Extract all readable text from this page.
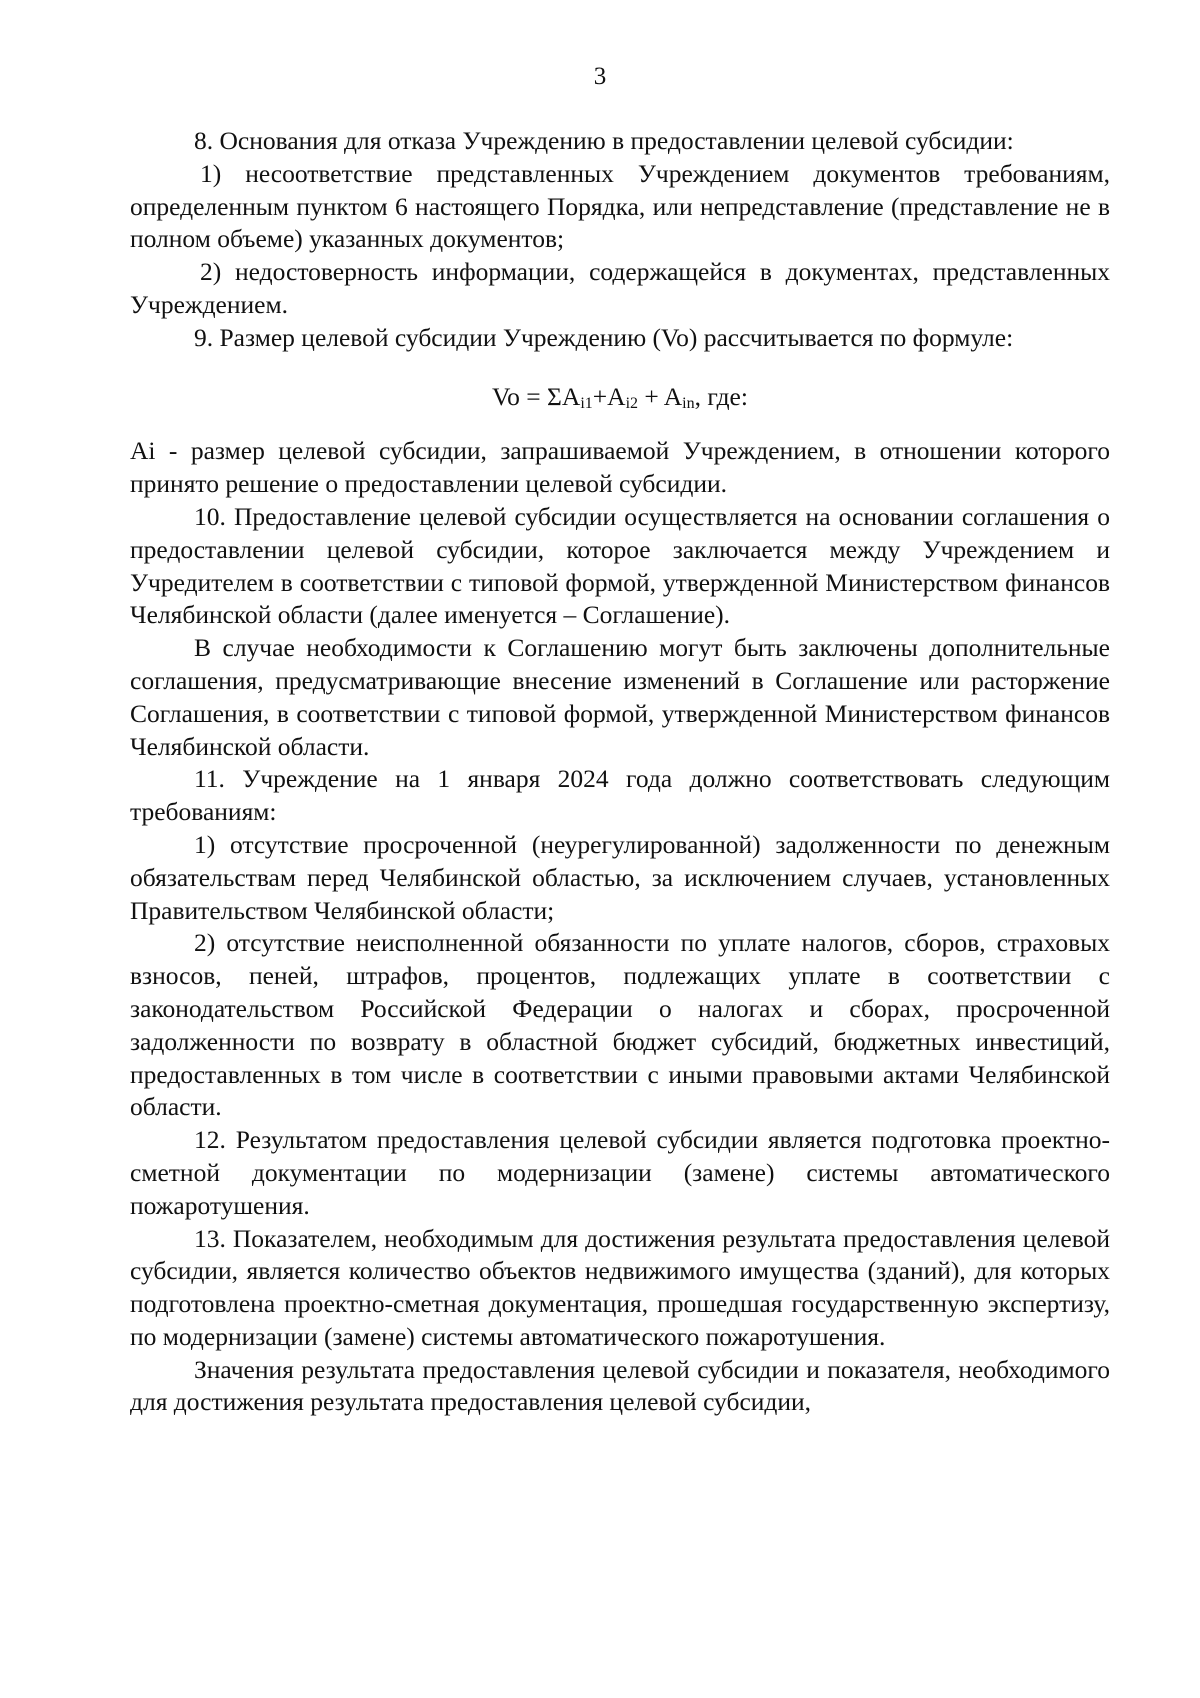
3

8. Основания для отказа Учреждению в предоставлении целевой субсидии:

1) несоответствие представленных Учреждением документов требованиям, определенным пунктом 6 настоящего Порядка, или непредставление (представление не в полном объеме) указанных документов;

2) недостоверность информации, содержащейся в документах, представленных Учреждением.

9. Размер целевой субсидии Учреждению (Vo) рассчитывается по формуле:

$Vo = \Sigma A_{i1}+A_{i2} + A_{in}$, где:

Ai - размер целевой субсидии, запрашиваемой Учреждением, в отношении которого принято решение о предоставлении целевой субсидии.

10. Предоставление целевой субсидии осуществляется на основании соглашения о предоставлении целевой субсидии, которое заключается между Учреждением и Учредителем в соответствии с типовой формой, утвержденной Министерством финансов Челябинской области (далее именуется – Соглашение).

В случае необходимости к Соглашению могут быть заключены дополнительные соглашения, предусматривающие внесение изменений в Соглашение или расторжение Соглашения, в соответствии с типовой формой, утвержденной Министерством финансов Челябинской области.

11. Учреждение на 1 января 2024 года должно соответствовать следующим требованиям:

1) отсутствие просроченной (неурегулированной) задолженности по денежным обязательствам перед Челябинской областью, за исключением случаев, установленных Правительством Челябинской области;

2) отсутствие неисполненной обязанности по уплате налогов, сборов, страховых взносов, пеней, штрафов, процентов, подлежащих уплате в соответствии с законодательством Российской Федерации о налогах и сборах, просроченной задолженности по возврату в областной бюджет субсидий, бюджетных инвестиций, предоставленных в том числе в соответствии с иными правовыми актами Челябинской области.

12. Результатом предоставления целевой субсидии является подготовка проектно-сметной документации по модернизации (замене) системы автоматического пожаротушения.

13. Показателем, необходимым для достижения результата предоставления целевой субсидии, является количество объектов недвижимого имущества (зданий), для которых подготовлена проектно-сметная документация, прошедшая государственную экспертизу, по модернизации (замене) системы автоматического пожаротушения.

Значения результата предоставления целевой субсидии и показателя, необходимого для достижения результата предоставления целевой субсидии,
